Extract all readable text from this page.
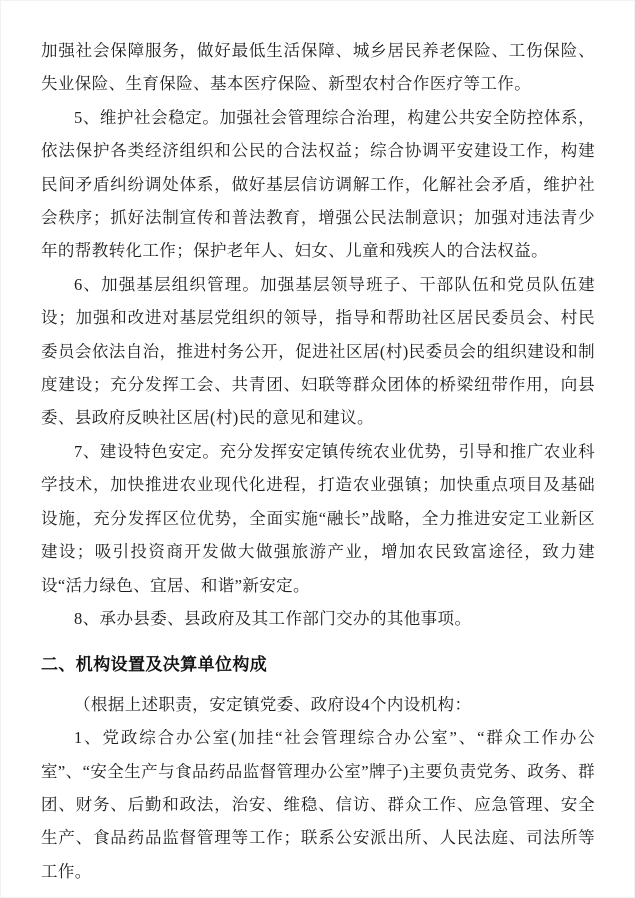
加强社会保障服务，做好最低生活保障、城乡居民养老保险、工伤保险、失业保险、生育保险、基本医疗保险、新型农村合作医疗等工作。

5、维护社会稳定。加强社会管理综合治理，构建公共安全防控体系，依法保护各类经济组织和公民的合法权益；综合协调平安建设工作，构建民间矛盾纠纷调处体系，做好基层信访调解工作，化解社会矛盾，维护社会秩序；抓好法制宣传和普法教育，增强公民法制意识；加强对违法青少年的帮教转化工作；保护老年人、妇女、儿童和残疾人的合法权益。

6、加强基层组织管理。加强基层领导班子、干部队伍和党员队伍建设；加强和改进对基层党组织的领导，指导和帮助社区居民委员会、村民委员会依法自治，推进村务公开，促进社区居(村)民委员会的组织建设和制度建设；充分发挥工会、共青团、妇联等群众团体的桥梁纽带作用，向县委、县政府反映社区居(村)民的意见和建议。

7、建设特色安定。充分发挥安定镇传统农业优势，引导和推广农业科学技术，加快推进农业现代化进程，打造农业强镇；加快重点项目及基础设施，充分发挥区位优势，全面实施“融长”战略，全力推进安定工业新区建设；吸引投资商开发做大做强旅游产业，增加农民致富途径，致力建设“活力绿色、宜居、和谐”新安定。

8、承办县委、县政府及其工作部门交办的其他事项。

二、机构设置及决算单位构成

（根据上述职责，安定镇党委、政府设4个内设机构：

1、党政综合办公室(加挂“社会管理综合办公室”、“群众工作办公室”、“安全生产与食品药品监督管理办公室”牌子)主要负责党务、政务、群团、财务、后勤和政法，治安、维稳、信访、群众工作、应急管理、安全生产、食品药品监督管理等工作；联系公安派出所、人民法庭、司法所等工作。
